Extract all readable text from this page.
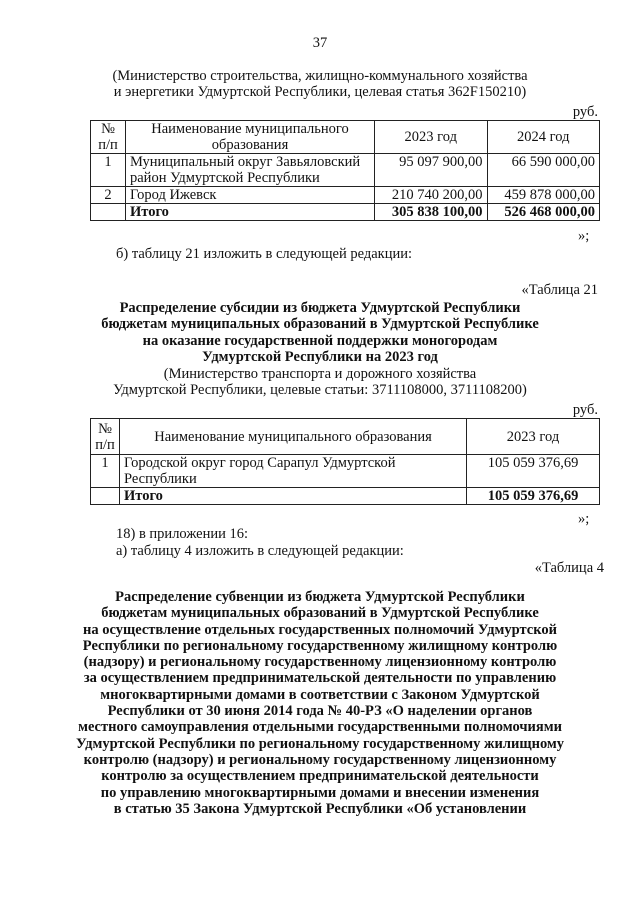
37
(Министерство строительства, жилищно-коммунального хозяйства
и энергетики Удмуртской Республики, целевая статья 362F150210)
руб.
№ п/п	Наименование муниципального образования	2023 год	2024 год
1	Муниципальный округ Завьяловский район Удмуртской Республики	95 097 900,00	66 590 000,00
2	Город Ижевск	210 740 200,00	459 878 000,00
	Итого	305 838 100,00	526 468 000,00
»;
б) таблицу 21 изложить в следующей редакции:
«Таблица 21
Распределение субсидии из бюджета Удмуртской Республики
бюджетам муниципальных образований в Удмуртской Республике
на оказание государственной поддержки моногородам
Удмуртской Республики на 2023 год
(Министерство транспорта и дорожного хозяйства
Удмуртской Республики, целевые статьи: 3711108000, 3711108200)
руб.
№ п/п	Наименование муниципального образования	2023 год
1	Городской округ город Сарапул Удмуртской Республики	105 059 376,69
	Итого	105 059 376,69
»;
18) в приложении 16:
а) таблицу 4 изложить в следующей редакции:
«Таблица 4
Распределение субвенции из бюджета Удмуртской Республики
бюджетам муниципальных образований в Удмуртской Республике
на осуществление отдельных государственных полномочий Удмуртской
Республики по региональному государственному жилищному контролю
(надзору) и региональному государственному лицензионному контролю
за осуществлением предпринимательской деятельности по управлению
многоквартирными домами в соответствии с Законом Удмуртской
Республики от 30 июня 2014 года № 40-РЗ «О наделении органов
местного самоуправления отдельными государственными полномочиями
Удмуртской Республики по региональному государственному жилищному
контролю (надзору) и региональному государственному лицензионному
контролю за осуществлением предпринимательской деятельности
по управлению многоквартирными домами и внесении изменения
в статью 35 Закона Удмуртской Республики «Об установлении
